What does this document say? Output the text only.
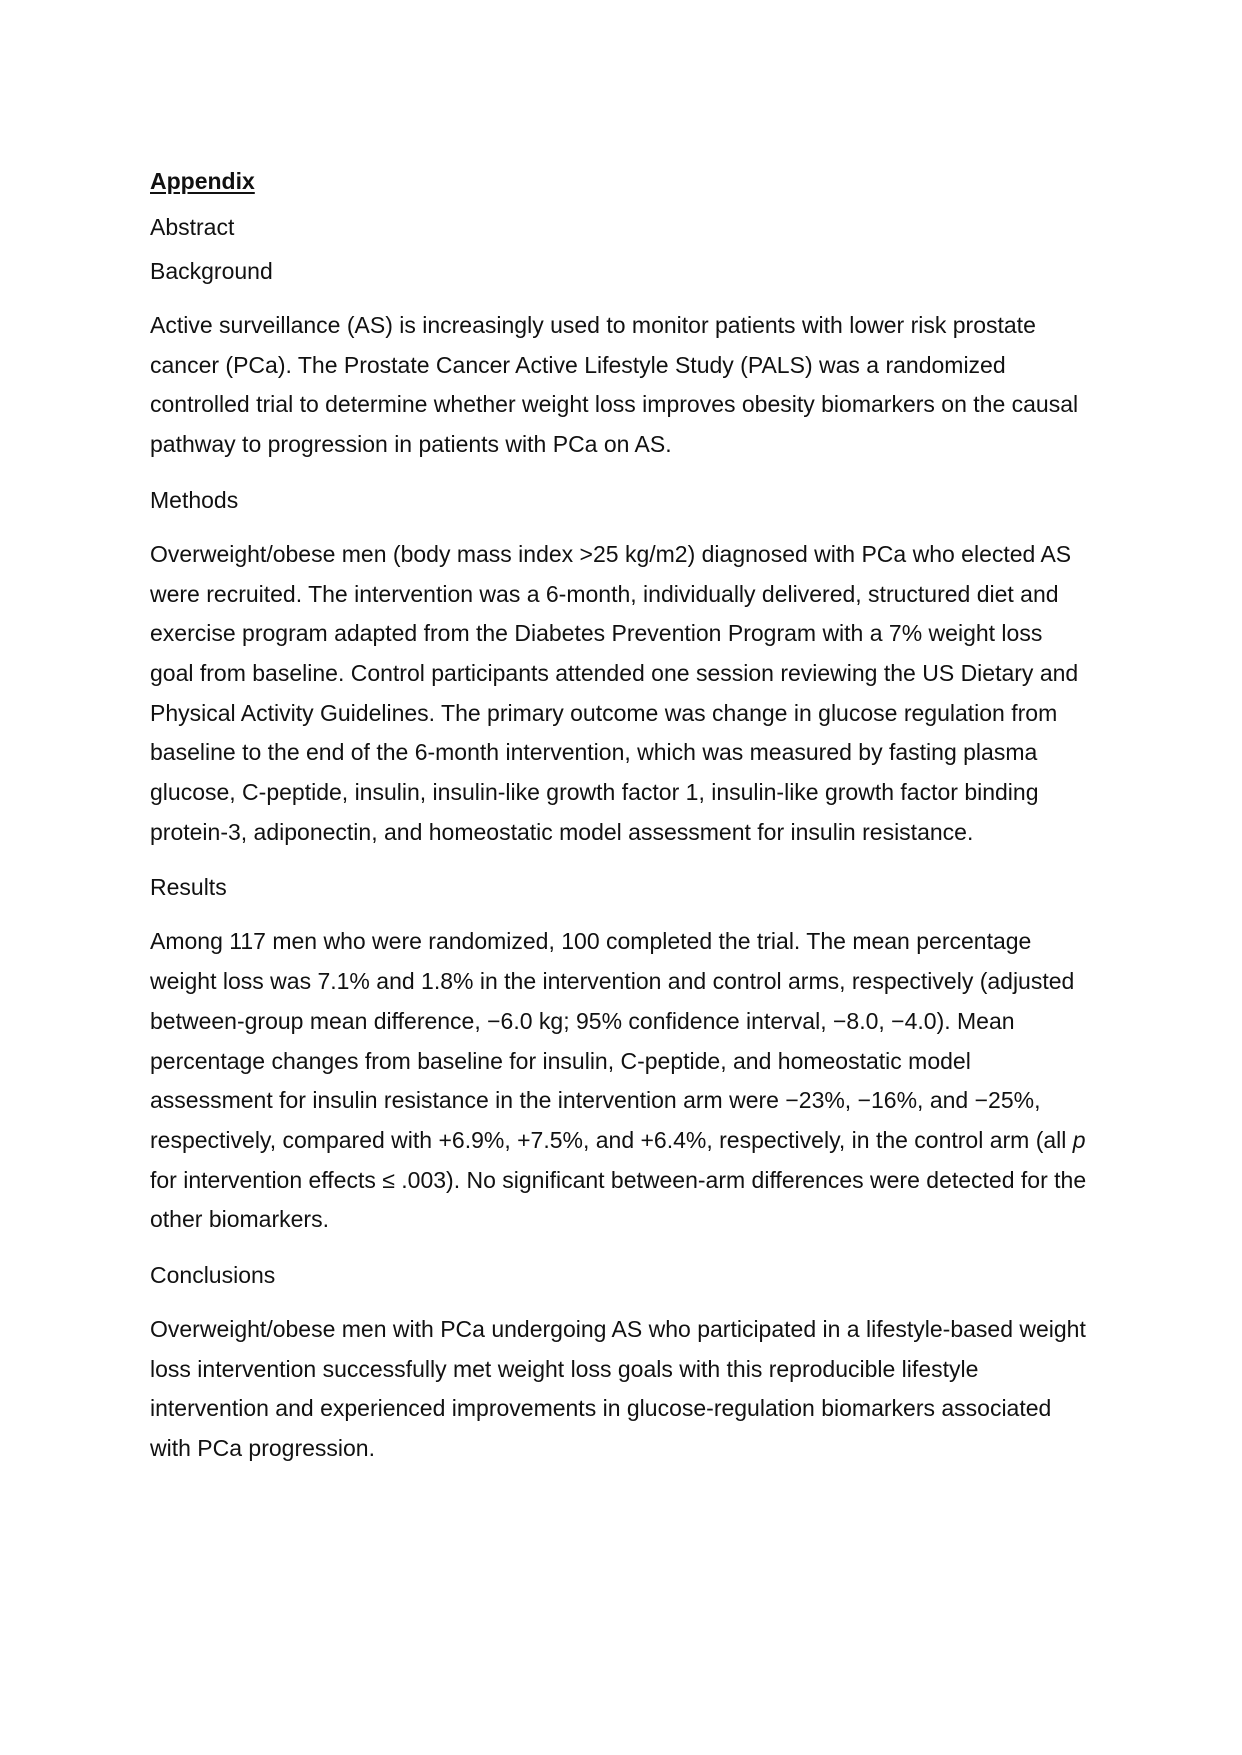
Appendix
Abstract
Background

Active surveillance (AS) is increasingly used to monitor patients with lower risk prostate cancer (PCa). The Prostate Cancer Active Lifestyle Study (PALS) was a randomized controlled trial to determine whether weight loss improves obesity biomarkers on the causal pathway to progression in patients with PCa on AS.

Methods

Overweight/obese men (body mass index >25 kg/m2) diagnosed with PCa who elected AS were recruited. The intervention was a 6-month, individually delivered, structured diet and exercise program adapted from the Diabetes Prevention Program with a 7% weight loss goal from baseline. Control participants attended one session reviewing the US Dietary and Physical Activity Guidelines. The primary outcome was change in glucose regulation from baseline to the end of the 6-month intervention, which was measured by fasting plasma glucose, C-peptide, insulin, insulin-like growth factor 1, insulin-like growth factor binding protein-3, adiponectin, and homeostatic model assessment for insulin resistance.

Results

Among 117 men who were randomized, 100 completed the trial. The mean percentage weight loss was 7.1% and 1.8% in the intervention and control arms, respectively (adjusted between-group mean difference, −6.0 kg; 95% confidence interval, −8.0, −4.0). Mean percentage changes from baseline for insulin, C-peptide, and homeostatic model assessment for insulin resistance in the intervention arm were −23%, −16%, and −25%, respectively, compared with +6.9%, +7.5%, and +6.4%, respectively, in the control arm (all p for intervention effects ≤ .003). No significant between-arm differences were detected for the other biomarkers.

Conclusions

Overweight/obese men with PCa undergoing AS who participated in a lifestyle-based weight loss intervention successfully met weight loss goals with this reproducible lifestyle intervention and experienced improvements in glucose-regulation biomarkers associated with PCa progression.
